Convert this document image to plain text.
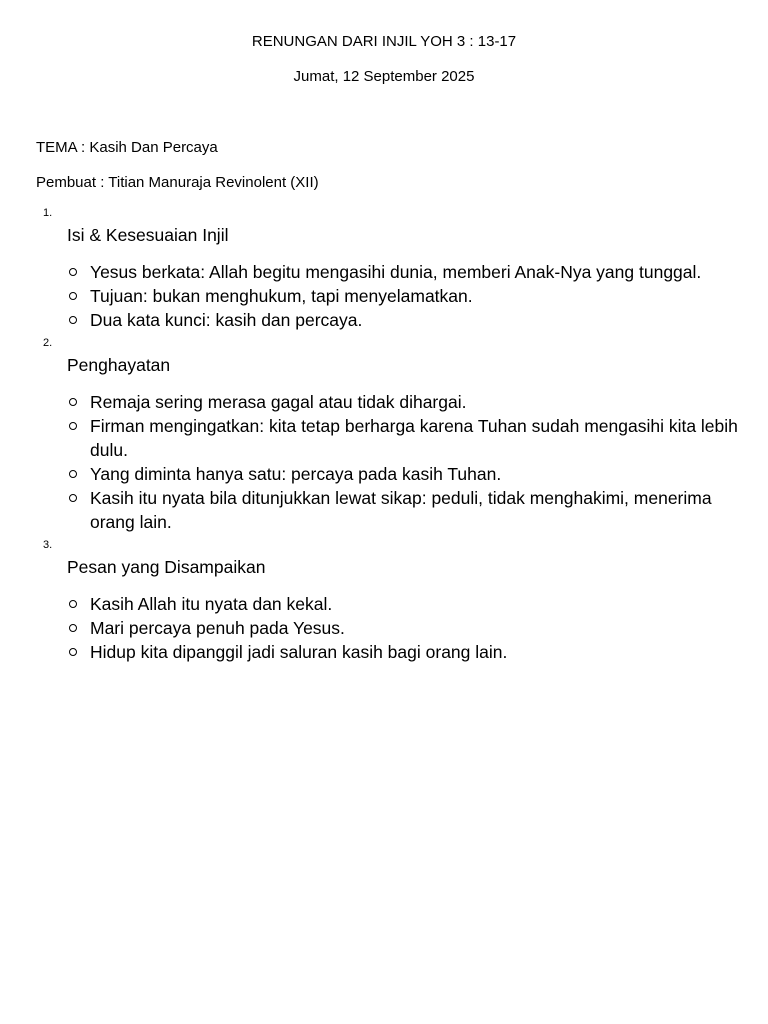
RENUNGAN DARI INJIL YOH 3 : 13-17
Jumat, 12 September 2025
TEMA : Kasih Dan Percaya
Pembuat : Titian Manuraja Revinolent (XII)
1.
Isi & Kesesuaian Injil
Yesus berkata: Allah begitu mengasihi dunia, memberi Anak-Nya yang tunggal.
Tujuan: bukan menghukum, tapi menyelamatkan.
Dua kata kunci: kasih dan percaya.
2.
Penghayatan
Remaja sering merasa gagal atau tidak dihargai.
Firman mengingatkan: kita tetap berharga karena Tuhan sudah mengasihi kita lebih dulu.
Yang diminta hanya satu: percaya pada kasih Tuhan.
Kasih itu nyata bila ditunjukkan lewat sikap: peduli, tidak menghakimi, menerima orang lain.
3.
Pesan yang Disampaikan
Kasih Allah itu nyata dan kekal.
Mari percaya penuh pada Yesus.
Hidup kita dipanggil jadi saluran kasih bagi orang lain.
